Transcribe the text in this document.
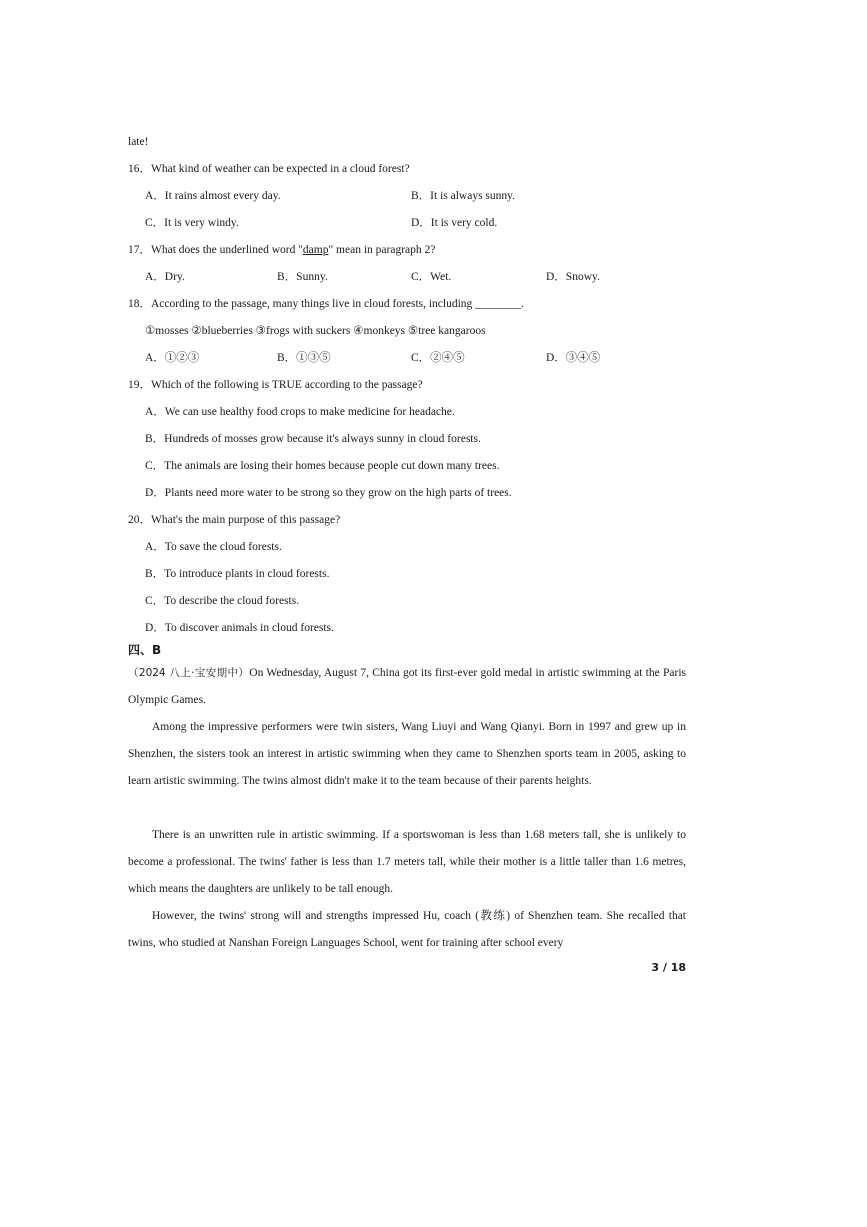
late!
16．What kind of weather can be expected in a cloud forest?
A．It rains almost every day.	B．It is always sunny.
C．It is very windy.	D．It is very cold.
17．What does the underlined word "damp" mean in paragraph 2?
A．Dry.	B．Sunny.	C．Wet.	D．Snowy.
18．According to the passage, many things live in cloud forests, including ________.
①mosses ②blueberries ③frogs with suckers ④monkeys ⑤tree kangaroos
A．①②③	B．①③⑤	C．②④⑤	D．③④⑤
19．Which of the following is TRUE according to the passage?
A．We can use healthy food crops to make medicine for headache.
B．Hundreds of mosses grow because it's always sunny in cloud forests.
C．The animals are losing their homes because people cut down many trees.
D．Plants need more water to be strong so they grow on the high parts of trees.
20．What's the main purpose of this passage?
A．To save the cloud forests.
B．To introduce plants in cloud forests.
C．To describe the cloud forests.
D．To discover animals in cloud forests.
四、B
（2024 八上·宝安期中）On Wednesday, August 7, China got its first-ever gold medal in artistic swimming at the Paris Olympic Games.
Among the impressive performers were twin sisters, Wang Liuyi and Wang Qianyi. Born in 1997 and grew up in Shenzhen, the sisters took an interest in artistic swimming when they came to Shenzhen sports team in 2005, asking to learn artistic swimming. The twins almost didn't make it to the team because of their parents heights.
There is an unwritten rule in artistic swimming. If a sportswoman is less than 1.68 meters tall, she is unlikely to become a professional. The twins' father is less than 1.7 meters tall, while their mother is a little taller than 1.6 metres, which means the daughters are unlikely to be tall enough.
However, the twins' strong will and strengths impressed Hu, coach (教练) of Shenzhen team. She recalled that twins, who studied at Nanshan Foreign Languages School, went for training after school every
3 / 18
